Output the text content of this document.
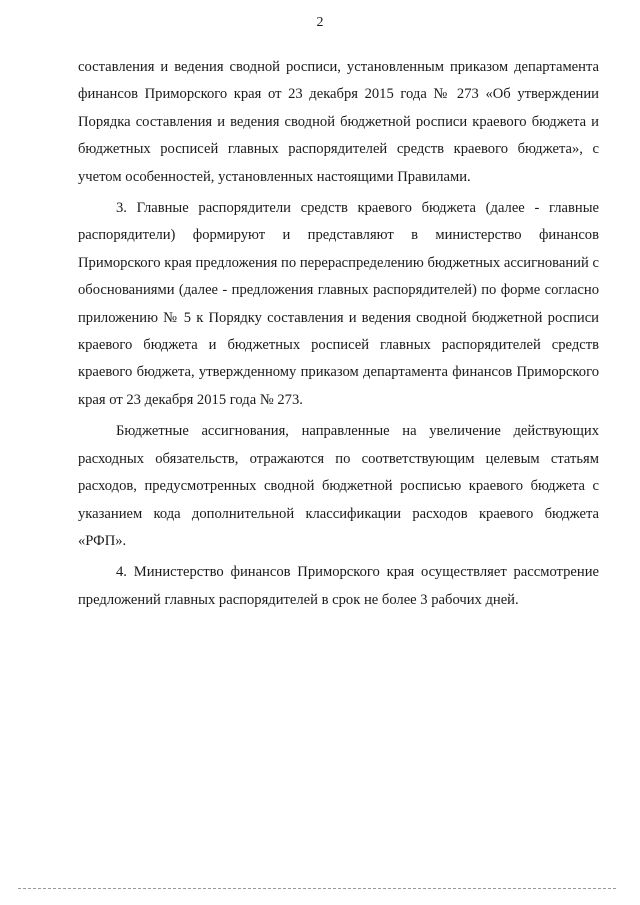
2

составления и ведения сводной росписи, установленным приказом департамента финансов Приморского края от 23 декабря 2015 года № 273 «Об утверждении Порядка составления и ведения сводной бюджетной росписи краевого бюджета и бюджетных росписей главных распорядителей средств краевого бюджета», с учетом особенностей, установленных настоящими Правилами.

3. Главные распорядители средств краевого бюджета (далее - главные распорядители) формируют и представляют в министерство финансов Приморского края предложения по перераспределению бюджетных ассигнований с обоснованиями (далее - предложения главных распорядителей) по форме согласно приложению № 5 к Порядку составления и ведения сводной бюджетной росписи краевого бюджета и бюджетных росписей главных распорядителей средств краевого бюджета, утвержденному приказом департамента финансов Приморского края от 23 декабря 2015 года № 273.

Бюджетные ассигнования, направленные на увеличение действующих расходных обязательств, отражаются по соответствующим целевым статьям расходов, предусмотренных сводной бюджетной росписью краевого бюджета с указанием кода дополнительной классификации расходов краевого бюджета «РФП».

4. Министерство финансов Приморского края осуществляет рассмотрение предложений главных распорядителей в срок не более 3 рабочих дней.
